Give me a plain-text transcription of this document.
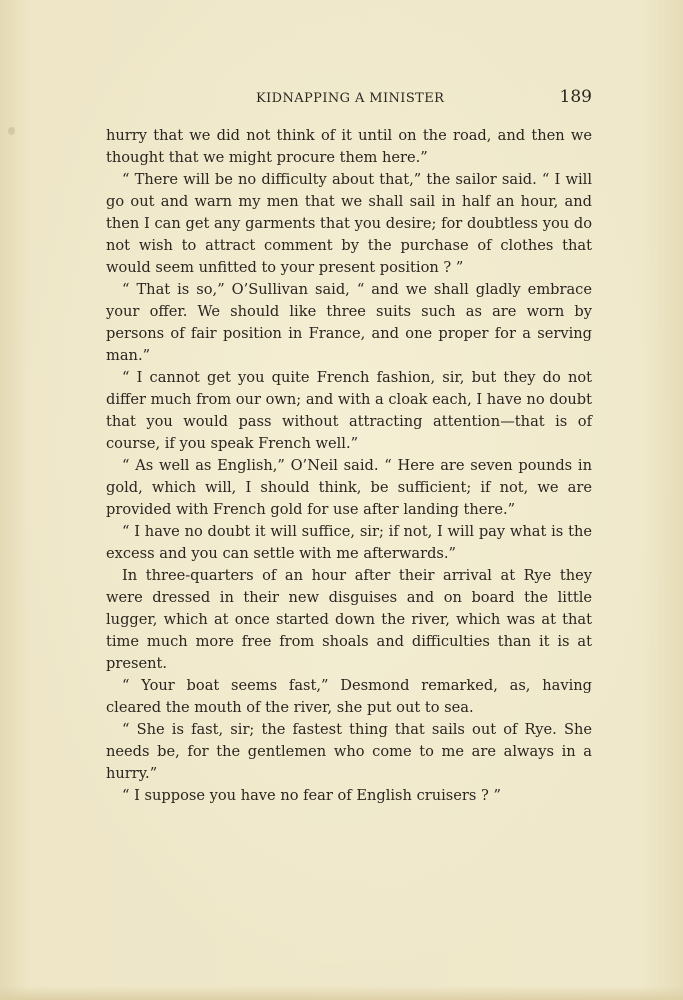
KIDNAPPING A MINISTER	189

hurry that we did not think of it until on the road, and then we thought that we might procure them here.”

“ There will be no difficulty about that,” the sailor said. “ I will go out and warn my men that we shall sail in half an hour, and then I can get any garments that you desire; for doubtless you do not wish to attract comment by the purchase of clothes that would seem unfitted to your present position ? ”

“ That is so,” O’Sullivan said, “ and we shall gladly embrace your offer. We should like three suits such as are worn by persons of fair position in France, and one proper for a serving man.”

“ I cannot get you quite French fashion, sir, but they do not differ much from our own; and with a cloak each, I have no doubt that you would pass without attracting attention—that is of course, if you speak French well.”

“ As well as English,” O’Neil said. “ Here are seven pounds in gold, which will, I should think, be sufficient; if not, we are provided with French gold for use after landing there.”

“ I have no doubt it will suffice, sir; if not, I will pay what is the excess and you can settle with me afterwards.”

In three-quarters of an hour after their arrival at Rye they were dressed in their new disguises and on board the little lugger, which at once started down the river, which was at that time much more free from shoals and difficulties than it is at present.

“ Your boat seems fast,” Desmond remarked, as, having cleared the mouth of the river, she put out to sea.

“ She is fast, sir; the fastest thing that sails out of Rye. She needs be, for the gentlemen who come to me are always in a hurry.”

“ I suppose you have no fear of English cruisers ? ”
